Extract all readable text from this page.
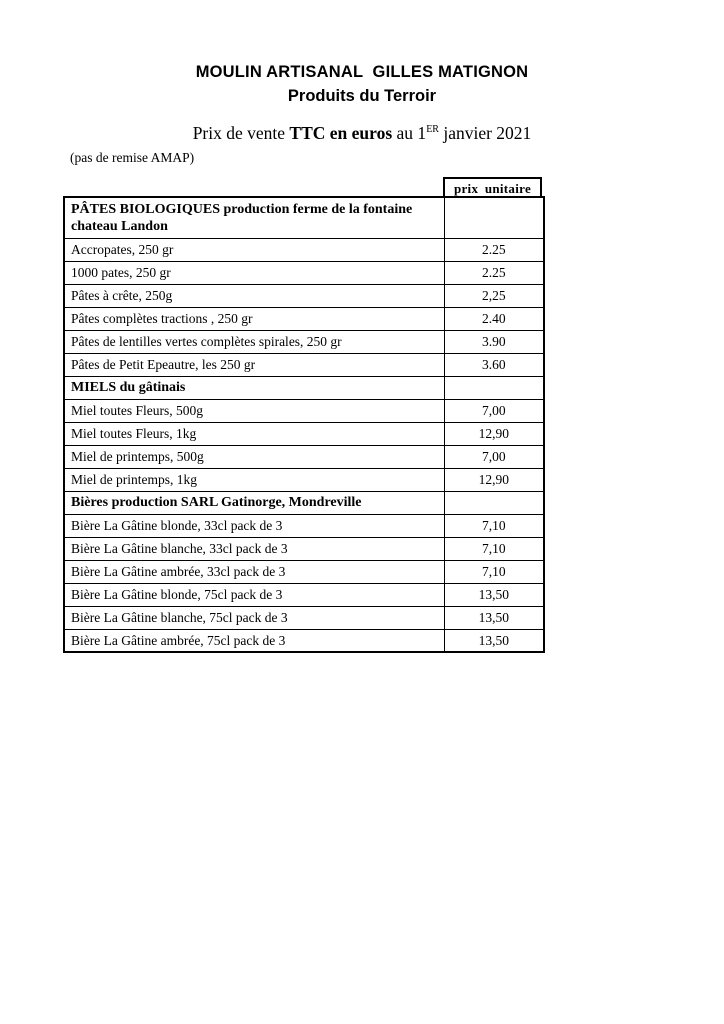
MOULIN ARTISANAL  GILLES MATIGNON
Produits du Terroir
Prix de vente TTC en euros au 1ER janvier 2021
(pas de remise AMAP)
prix unitaire
PÂTES BIOLOGIQUES production ferme de la fontaine chateau Landon	
Accropates, 250 gr	2.25
1000 pates, 250 gr	2.25
Pâtes à crête, 250g	2,25
Pâtes complètes tractions , 250 gr	2.40
Pâtes de lentilles vertes complètes spirales, 250 gr	3.90
Pâtes de Petit Epeautre, les 250 gr	3.60
MIELS du gâtinais	
Miel toutes Fleurs, 500g	7,00
Miel toutes Fleurs, 1kg	12,90
Miel de printemps, 500g	7,00
Miel de printemps, 1kg	12,90
Bières production SARL Gatinorge, Mondreville	
Bière La Gâtine blonde, 33cl pack de 3	7,10
Bière La Gâtine blanche, 33cl pack de 3	7,10
Bière La Gâtine ambrée, 33cl pack de 3	7,10
Bière La Gâtine blonde, 75cl pack de 3	13,50
Bière La Gâtine blanche, 75cl pack de 3	13,50
Bière La Gâtine ambrée, 75cl pack de 3	13,50
